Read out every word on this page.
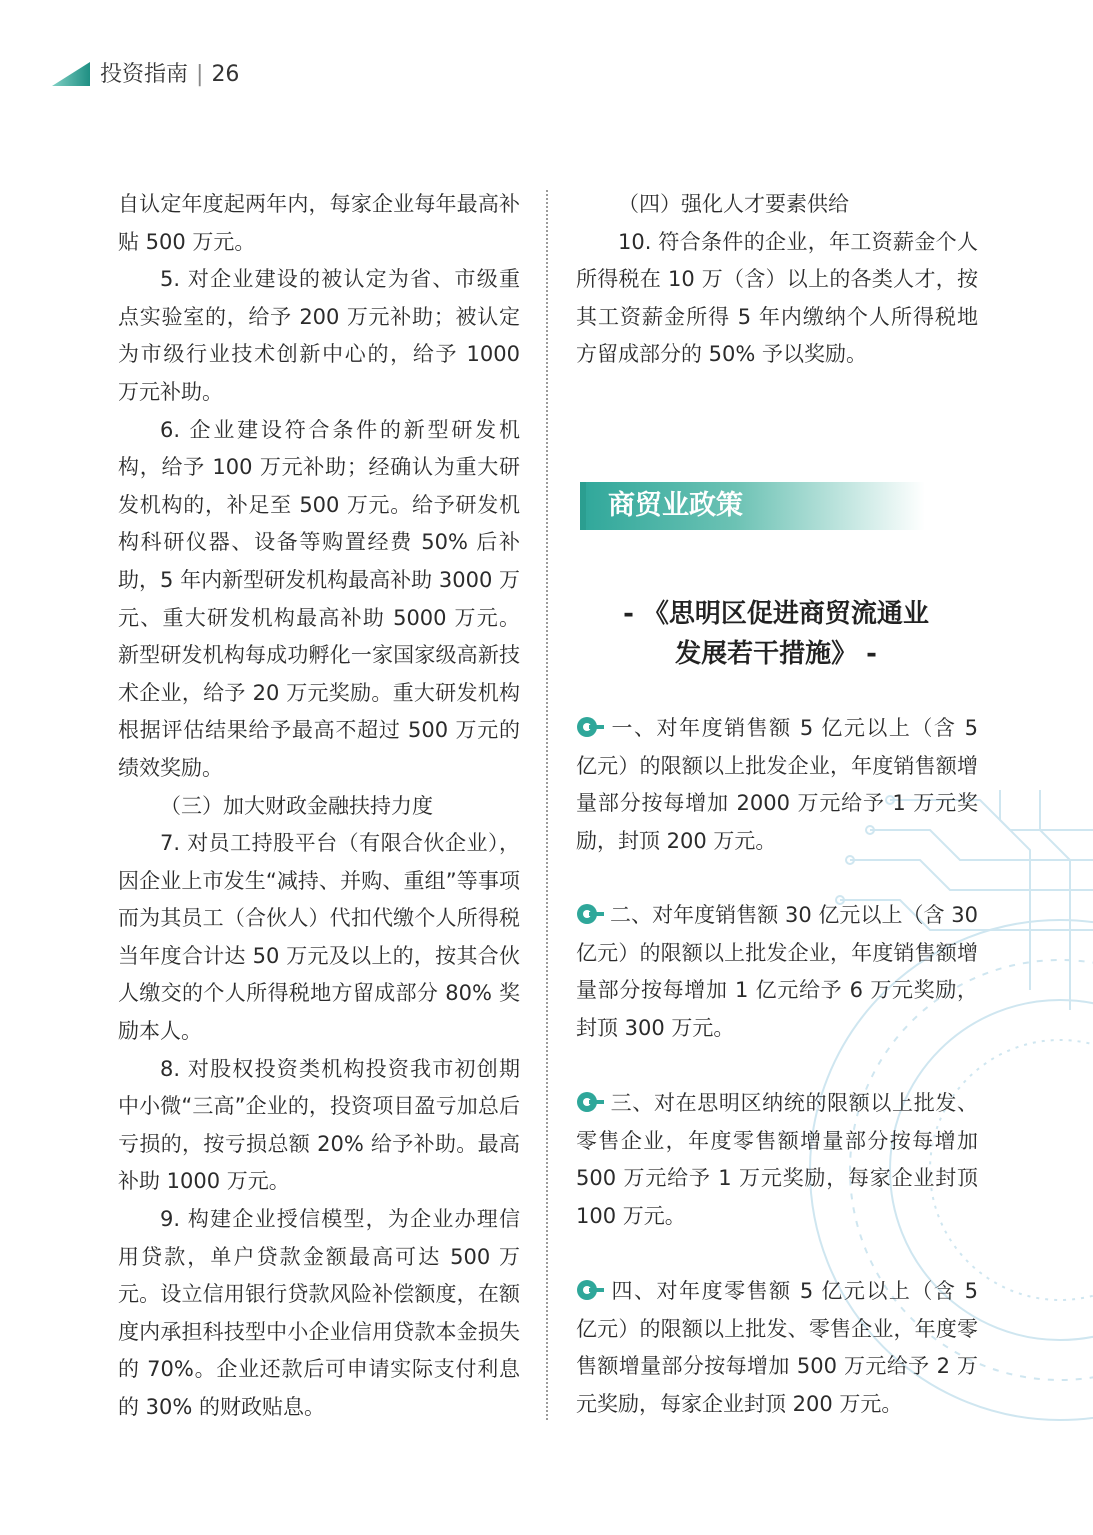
投资指南 | 26

自认定年度起两年内，每家企业每年最高补贴 500 万元。

5. 对企业建设的被认定为省、市级重点实验室的，给予 200 万元补助；被认定为市级行业技术创新中心的，给予 1000 万元补助。

6. 企业建设符合条件的新型研发机构，给予 100 万元补助；经确认为重大研发机构的，补足至 500 万元。给予研发机构科研仪器、设备等购置经费 50% 后补助，5 年内新型研发机构最高补助 3000 万元、重大研发机构最高补助 5000 万元。新型研发机构每成功孵化一家国家级高新技术企业，给予 20 万元奖励。重大研发机构根据评估结果给予最高不超过 500 万元的绩效奖励。

（三）加大财政金融扶持力度

7. 对员工持股平台（有限合伙企业），因企业上市发生“减持、并购、重组”等事项而为其员工（合伙人）代扣代缴个人所得税当年度合计达 50 万元及以上的，按其合伙人缴交的个人所得税地方留成部分 80% 奖励本人。

8. 对股权投资类机构投资我市初创期中小微“三高”企业的，投资项目盈亏加总后亏损的，按亏损总额 20% 给予补助。最高补助 1000 万元。

9. 构建企业授信模型，为企业办理信用贷款，单户贷款金额最高可达 500 万元。设立信用银行贷款风险补偿额度，在额度内承担科技型中小企业信用贷款本金损失的 70%。企业还款后可申请实际支付利息的 30% 的财政贴息。

（四）强化人才要素供给

10. 符合条件的企业，年工资薪金个人所得税在 10 万（含）以上的各类人才，按其工资薪金所得 5 年内缴纳个人所得税地方留成部分的 50% 予以奖励。

商贸业政策
- 《思明区促进商贸流通业
发展若干措施》 -

一、对年度销售额 5 亿元以上（含 5 亿元）的限额以上批发企业，年度销售额增量部分按每增加 2000 万元给予 1 万元奖励，封顶 200 万元。

二、对年度销售额 30 亿元以上（含 30 亿元）的限额以上批发企业，年度销售额增量部分按每增加 1 亿元给予 6 万元奖励，封顶 300 万元。

三、对在思明区纳统的限额以上批发、零售企业，年度零售额增量部分按每增加 500 万元给予 1 万元奖励，每家企业封顶 100 万元。

四、对年度零售额 5 亿元以上（含 5 亿元）的限额以上批发、零售企业，年度零售额增量部分按每增加 500 万元给予 2 万元奖励，每家企业封顶 200 万元。
